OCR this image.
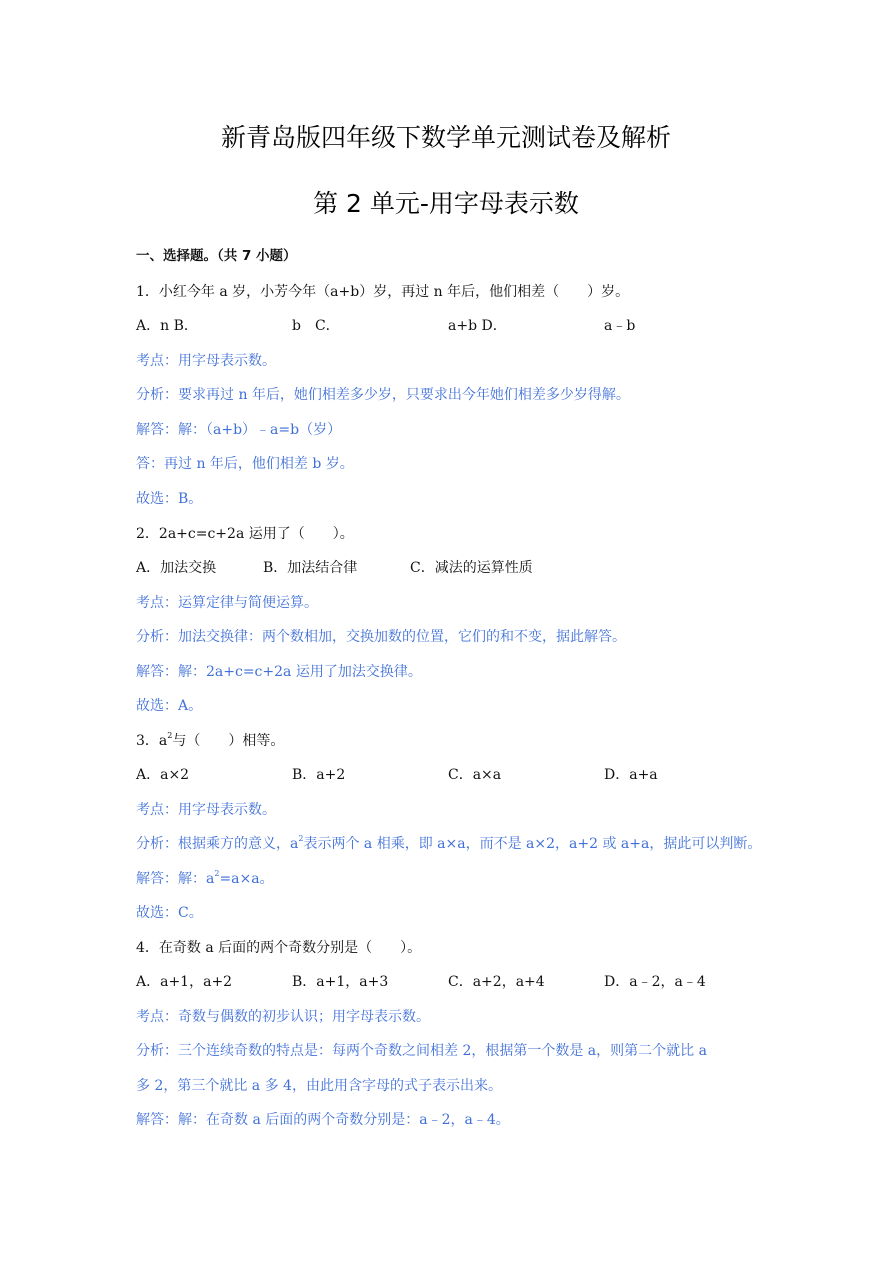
新青岛版四年级下数学单元测试卷及解析
第 2 单元-用字母表示数
一、选择题。（共 7 小题）
1．小红今年 a 岁，小芳今年（a+b）岁，再过 n 年后，他们相差（　　）岁。
A．n B．	b　C．	a+b D．	a﹣b
考点：用字母表示数。
分析：要求再过 n 年后，她们相差多少岁，只要求出今年她们相差多少岁得解。
解答：解：（a+b）﹣a=b（岁）
答：再过 n 年后，他们相差 b 岁。
故选：B。
2．2a+c=c+2a 运用了（　　）。
A．加法交换	B．加法结合律	C．减法的运算性质
考点：运算定律与简便运算。
分析：加法交换律：两个数相加，交换加数的位置，它们的和不变，据此解答。
解答：解：2a+c=c+2a 运用了加法交换律。
故选：A。
3．$a^2$与（　　）相等。
A．a×2	B．a+2	C．a×a	D．a+a
考点：用字母表示数。
分析：根据乘方的意义，$a^2$表示两个 a 相乘，即 a×a，而不是 a×2，a+2 或 a+a，据此可以判断。
解答：解：$a^2=a\times a$。
故选：C。
4．在奇数 a 后面的两个奇数分别是（　　）。
A．a+1，a+2	B．a+1，a+3	C．a+2，a+4	D．a﹣2，a﹣4
考点：奇数与偶数的初步认识；用字母表示数。
分析：三个连续奇数的特点是：每两个奇数之间相差 2，根据第一个数是 a，则第二个就比 a
多 2，第三个就比 a 多 4，由此用含字母的式子表示出来。
解答：解：在奇数 a 后面的两个奇数分别是：a﹣2，a﹣4。
